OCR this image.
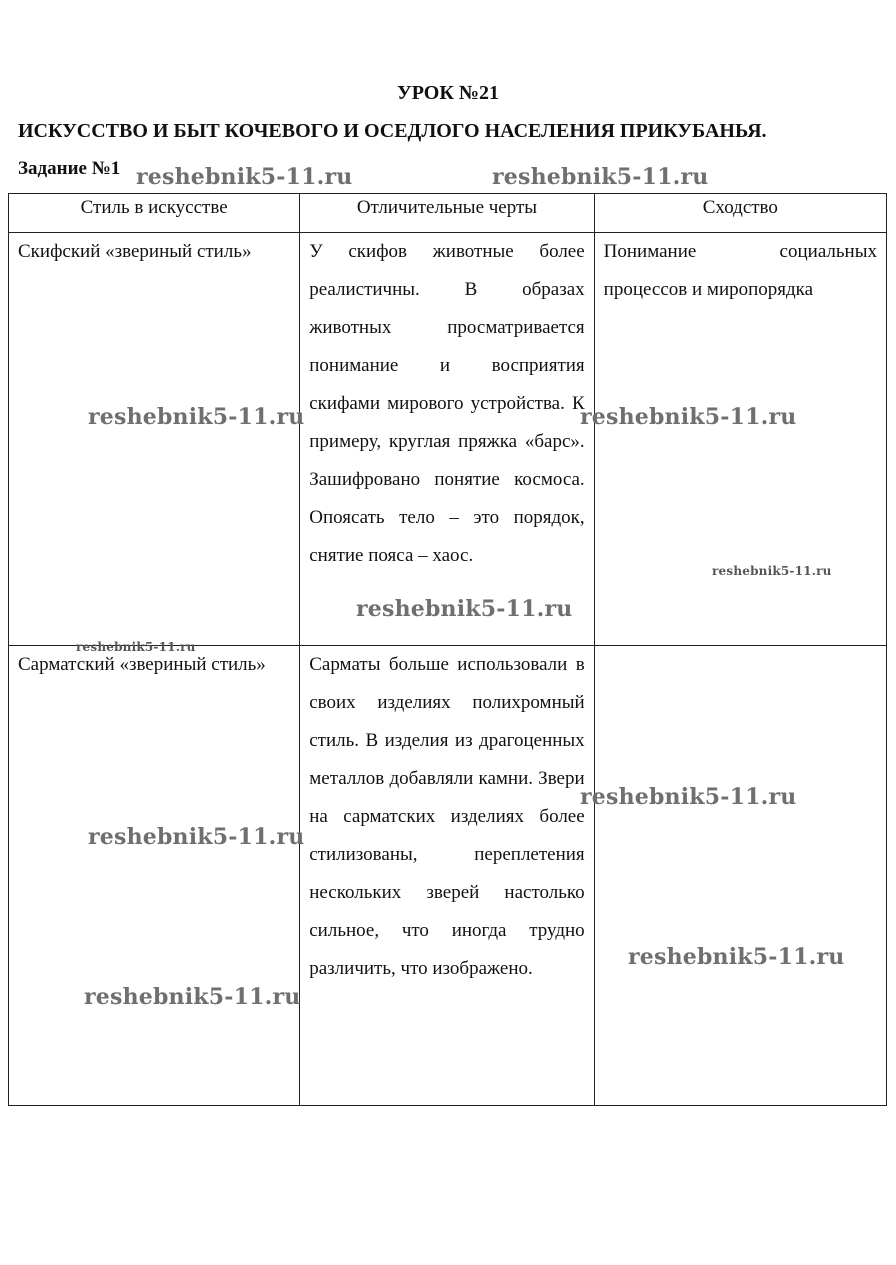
УРОК №21
ИСКУССТВО И БЫТ КОЧЕВОГО И ОСЕДЛОГО НАСЕЛЕНИЯ ПРИКУБАНЬЯ.
Задание №1
Стиль в искусстве	Отличительные черты	Сходство

Скифский «звериный стиль»	У скифов животные более реалистичны. В образах животных просматривается понимание и восприятия скифами мирового устройства. К примеру, круглая пряжка «барс». Зашифровано понятие космоса. Опоясать тело – это порядок, снятие пояса – хаос.	Понимание социальных процессов и миропорядка

Сарматский «звериный стиль»	Сарматы больше использовали в своих изделиях полихромный стиль. В изделия из драгоценных металлов добавляли камни. Звери на сарматских изделиях более стилизованы, переплетения нескольких зверей настолько сильное, что иногда трудно различить, что изображено.	

reshebnik5-11.ru	reshebnik5-11.ru
reshebnik5-11.ru	reshebnik5-11.ru
reshebnik5-11.ru
reshebnik5-11.ru
reshebnik5-11.ru
reshebnik5-11.ru
reshebnik5-11.ru
reshebnik5-11.ru
reshebnik5-11.ru
